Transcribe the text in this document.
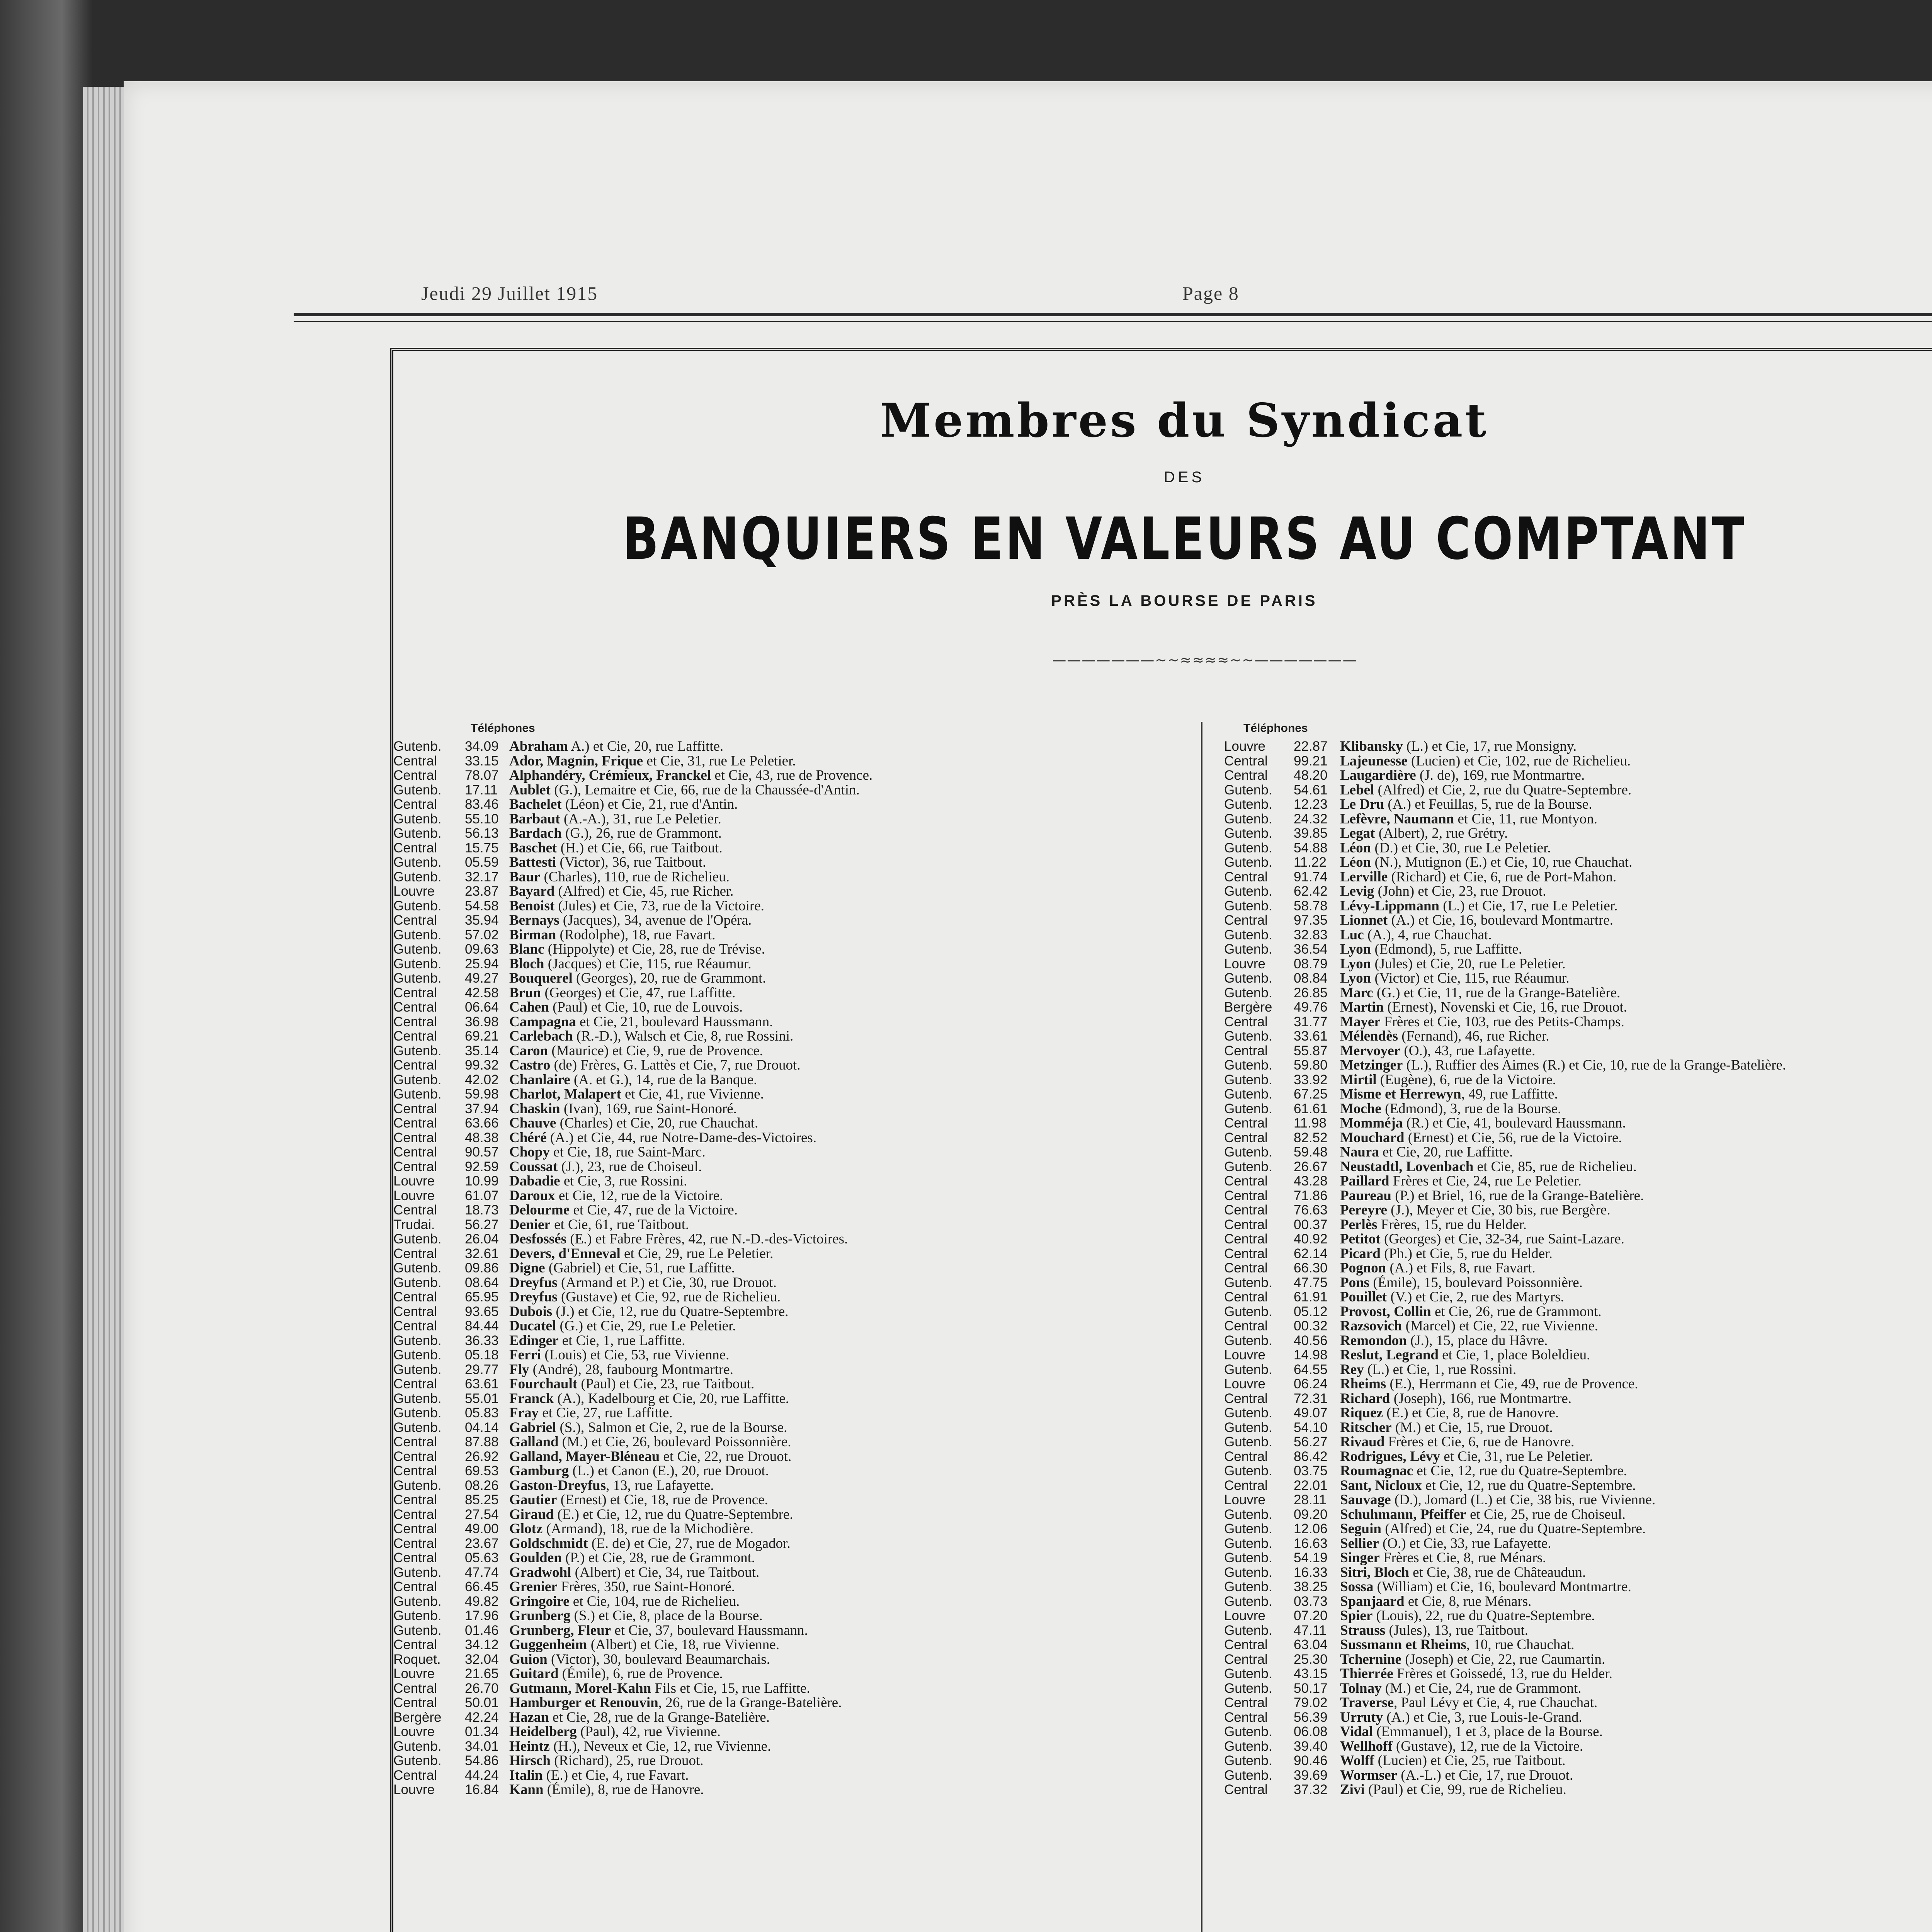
Jeudi 29 Juillet 1915	Page 8
Membres du Syndicat
DES
BANQUIERS EN VALEURS AU COMPTANT
PRÈS LA BOURSE DE PARIS
———————~~≈≈≈≈~~———————
Téléphones
Gutenb.	34.09 Abraham A.) et Cie, 20, rue Laffitte.
Central	33.15 Ador, Magnin, Frique et Cie, 31, rue Le Peletier.
Central	78.07 Alphandéry, Crémieux, Franckel et Cie, 43, rue de Provence.
Gutenb.	17.11 Aublet (G.), Lemaitre et Cie, 66, rue de la Chaussée-d'Antin.
Central	83.46 Bachelet (Léon) et Cie, 21, rue d'Antin.
Gutenb.	55.10 Barbaut (A.-A.), 31, rue Le Peletier.
Gutenb.	56.13 Bardach (G.), 26, rue de Grammont.
Central	15.75 Baschet (H.) et Cie, 66, rue Taitbout.
Gutenb.	05.59 Battesti (Victor), 36, rue Taitbout.
Gutenb.	32.17 Baur (Charles), 110, rue de Richelieu.
Louvre	23.87 Bayard (Alfred) et Cie, 45, rue Richer.
Gutenb.	54.58 Benoist (Jules) et Cie, 73, rue de la Victoire.
Central	35.94 Bernays (Jacques), 34, avenue de l'Opéra.
Gutenb.	57.02 Birman (Rodolphe), 18, rue Favart.
Gutenb.	09.63 Blanc (Hippolyte) et Cie, 28, rue de Trévise.
Gutenb.	25.94 Bloch (Jacques) et Cie, 115, rue Réaumur.
Gutenb.	49.27 Bouquerel (Georges), 20, rue de Grammont.
Central	42.58 Brun (Georges) et Cie, 47, rue Laffitte.
Central	06.64 Cahen (Paul) et Cie, 10, rue de Louvois.
Central	36.98 Campagna et Cie, 21, boulevard Haussmann.
Central	69.21 Carlebach (R.-D.), Walsch et Cie, 8, rue Rossini.
Gutenb.	35.14 Caron (Maurice) et Cie, 9, rue de Provence.
Central	99.32 Castro (de) Frères, G. Lattès et Cie, 7, rue Drouot.
Gutenb.	42.02 Chanlaire (A. et G.), 14, rue de la Banque.
Gutenb.	59.98 Charlot, Malapert et Cie, 41, rue Vivienne.
Central	37.94 Chaskin (Ivan), 169, rue Saint-Honoré.
Central	63.66 Chauve (Charles) et Cie, 20, rue Chauchat.
Central	48.38 Chéré (A.) et Cie, 44, rue Notre-Dame-des-Victoires.
Central	90.57 Chopy et Cie, 18, rue Saint-Marc.
Central	92.59 Coussat (J.), 23, rue de Choiseul.
Louvre	10.99 Dabadie et Cie, 3, rue Rossini.
Louvre	61.07 Daroux et Cie, 12, rue de la Victoire.
Central	18.73 Delourme et Cie, 47, rue de la Victoire.
Trudai.	56.27 Denier et Cie, 61, rue Taitbout.
Gutenb.	26.04 Desfossés (E.) et Fabre Frères, 42, rue N.-D.-des-Victoires.
Central	32.61 Devers, d'Enneval et Cie, 29, rue Le Peletier.
Gutenb.	09.86 Digne (Gabriel) et Cie, 51, rue Laffitte.
Gutenb.	08.64 Dreyfus (Armand et P.) et Cie, 30, rue Drouot.
Central	65.95 Dreyfus (Gustave) et Cie, 92, rue de Richelieu.
Central	93.65 Dubois (J.) et Cie, 12, rue du Quatre-Septembre.
Central	84.44 Ducatel (G.) et Cie, 29, rue Le Peletier.
Gutenb.	36.33 Edinger et Cie, 1, rue Laffitte.
Gutenb.	05.18 Ferri (Louis) et Cie, 53, rue Vivienne.
Gutenb.	29.77 Fly (André), 28, faubourg Montmartre.
Central	63.61 Fourchault (Paul) et Cie, 23, rue Taitbout.
Gutenb.	55.01 Franck (A.), Kadelbourg et Cie, 20, rue Laffitte.
Gutenb.	05.83 Fray et Cie, 27, rue Laffitte.
Gutenb.	04.14 Gabriel (S.), Salmon et Cie, 2, rue de la Bourse.
Central	87.88 Galland (M.) et Cie, 26, boulevard Poissonnière.
Central	26.92 Galland, Mayer-Bléneau et Cie, 22, rue Drouot.
Central	69.53 Gamburg (L.) et Canon (E.), 20, rue Drouot.
Gutenb.	08.26 Gaston-Dreyfus, 13, rue Lafayette.
Central	85.25 Gautier (Ernest) et Cie, 18, rue de Provence.
Central	27.54 Giraud (E.) et Cie, 12, rue du Quatre-Septembre.
Central	49.00 Glotz (Armand), 18, rue de la Michodière.
Central	23.67 Goldschmidt (E. de) et Cie, 27, rue de Mogador.
Central	05.63 Goulden (P.) et Cie, 28, rue de Grammont.
Gutenb.	47.74 Gradwohl (Albert) et Cie, 34, rue Taitbout.
Central	66.45 Grenier Frères, 350, rue Saint-Honoré.
Gutenb.	49.82 Gringoire et Cie, 104, rue de Richelieu.
Gutenb.	17.96 Grunberg (S.) et Cie, 8, place de la Bourse.
Gutenb.	01.46 Grunberg, Fleur et Cie, 37, boulevard Haussmann.
Central	34.12 Guggenheim (Albert) et Cie, 18, rue Vivienne.
Roquet.	32.04 Guion (Victor), 30, boulevard Beaumarchais.
Louvre	21.65 Guitard (Émile), 6, rue de Provence.
Central	26.70 Gutmann, Morel-Kahn Fils et Cie, 15, rue Laffitte.
Central	50.01 Hamburger et Renouvin, 26, rue de la Grange-Batelière.
Bergère	42.24 Hazan et Cie, 28, rue de la Grange-Batelière.
Louvre	01.34 Heidelberg (Paul), 42, rue Vivienne.
Gutenb.	34.01 Heintz (H.), Neveux et Cie, 12, rue Vivienne.
Gutenb.	54.86 Hirsch (Richard), 25, rue Drouot.
Central	44.24 Italin (E.) et Cie, 4, rue Favart.
Louvre	16.84 Kann (Émile), 8, rue de Hanovre.
Téléphones
Louvre	22.87 Klibansky (L.) et Cie, 17, rue Monsigny.
Central	99.21 Lajeunesse (Lucien) et Cie, 102, rue de Richelieu.
Central	48.20 Laugardière (J. de), 169, rue Montmartre.
Gutenb.	54.61 Lebel (Alfred) et Cie, 2, rue du Quatre-Septembre.
Gutenb.	12.23 Le Dru (A.) et Feuillas, 5, rue de la Bourse.
Gutenb.	24.32 Lefèvre, Naumann et Cie, 11, rue Montyon.
Gutenb.	39.85 Legat (Albert), 2, rue Grétry.
Gutenb.	54.88 Léon (D.) et Cie, 30, rue Le Peletier.
Gutenb.	11.22 Léon (N.), Mutignon (E.) et Cie, 10, rue Chauchat.
Central	91.74 Lerville (Richard) et Cie, 6, rue de Port-Mahon.
Gutenb.	62.42 Levig (John) et Cie, 23, rue Drouot.
Gutenb.	58.78 Lévy-Lippmann (L.) et Cie, 17, rue Le Peletier.
Central	97.35 Lionnet (A.) et Cie, 16, boulevard Montmartre.
Gutenb.	32.83 Luc (A.), 4, rue Chauchat.
Gutenb.	36.54 Lyon (Edmond), 5, rue Laffitte.
Louvre	08.79 Lyon (Jules) et Cie, 20, rue Le Peletier.
Gutenb.	08.84 Lyon (Victor) et Cie, 115, rue Réaumur.
Gutenb.	26.85 Marc (G.) et Cie, 11, rue de la Grange-Batelière.
Bergère	49.76 Martin (Ernest), Novenski et Cie, 16, rue Drouot.
Central	31.77 Mayer Frères et Cie, 103, rue des Petits-Champs.
Gutenb.	33.61 Mélendès (Fernand), 46, rue Richer.
Central	55.87 Mervoyer (O.), 43, rue Lafayette.
Gutenb.	59.80 Metzinger (L.), Ruffier des Aimes (R.) et Cie, 10, rue de la Grange-Batelière.
Gutenb.	33.92 Mirtil (Eugène), 6, rue de la Victoire.
Gutenb.	67.25 Misme et Herrewyn, 49, rue Laffitte.
Gutenb.	61.61 Moche (Edmond), 3, rue de la Bourse.
Central	11.98 Momméja (R.) et Cie, 41, boulevard Haussmann.
Central	82.52 Mouchard (Ernest) et Cie, 56, rue de la Victoire.
Gutenb.	59.48 Naura et Cie, 20, rue Laffitte.
Gutenb.	26.67 Neustadtl, Lovenbach et Cie, 85, rue de Richelieu.
Central	43.28 Paillard Frères et Cie, 24, rue Le Peletier.
Central	71.86 Paureau (P.) et Briel, 16, rue de la Grange-Batelière.
Central	76.63 Pereyre (J.), Meyer et Cie, 30 bis, rue Bergère.
Central	00.37 Perlès Frères, 15, rue du Helder.
Central	40.92 Petitot (Georges) et Cie, 32-34, rue Saint-Lazare.
Central	62.14 Picard (Ph.) et Cie, 5, rue du Helder.
Central	66.30 Pognon (A.) et Fils, 8, rue Favart.
Gutenb.	47.75 Pons (Émile), 15, boulevard Poissonnière.
Central	61.91 Pouillet (V.) et Cie, 2, rue des Martyrs.
Gutenb.	05.12 Provost, Collin et Cie, 26, rue de Grammont.
Central	00.32 Razsovich (Marcel) et Cie, 22, rue Vivienne.
Gutenb.	40.56 Remondon (J.), 15, place du Hâvre.
Louvre	14.98 Reslut, Legrand et Cie, 1, place Boleldieu.
Gutenb.	64.55 Rey (L.) et Cie, 1, rue Rossini.
Louvre	06.24 Rheims (E.), Herrmann et Cie, 49, rue de Provence.
Central	72.31 Richard (Joseph), 166, rue Montmartre.
Gutenb.	49.07 Riquez (E.) et Cie, 8, rue de Hanovre.
Gutenb.	54.10 Ritscher (M.) et Cie, 15, rue Drouot.
Gutenb.	56.27 Rivaud Frères et Cie, 6, rue de Hanovre.
Central	86.42 Rodrigues, Lévy et Cie, 31, rue Le Peletier.
Gutenb.	03.75 Roumagnac et Cie, 12, rue du Quatre-Septembre.
Central	22.01 Sant, Nicloux et Cie, 12, rue du Quatre-Septembre.
Louvre	28.11 Sauvage (D.), Jomard (L.) et Cie, 38 bis, rue Vivienne.
Gutenb.	09.20 Schuhmann, Pfeiffer et Cie, 25, rue de Choiseul.
Gutenb.	12.06 Seguin (Alfred) et Cie, 24, rue du Quatre-Septembre.
Gutenb.	16.63 Sellier (O.) et Cie, 33, rue Lafayette.
Gutenb.	54.19 Singer Frères et Cie, 8, rue Ménars.
Gutenb.	16.33 Sitri, Bloch et Cie, 38, rue de Châteaudun.
Gutenb.	38.25 Sossa (William) et Cie, 16, boulevard Montmartre.
Gutenb.	03.73 Spanjaard et Cie, 8, rue Ménars.
Louvre	07.20 Spier (Louis), 22, rue du Quatre-Septembre.
Gutenb.	47.11 Strauss (Jules), 13, rue Taitbout.
Central	63.04 Sussmann et Rheims, 10, rue Chauchat.
Central	25.30 Tchernine (Joseph) et Cie, 22, rue Caumartin.
Gutenb.	43.15 Thierrée Frères et Goissedé, 13, rue du Helder.
Gutenb.	50.17 Tolnay (M.) et Cie, 24, rue de Grammont.
Central	79.02 Traverse, Paul Lévy et Cie, 4, rue Chauchat.
Central	56.39 Urruty (A.) et Cie, 3, rue Louis-le-Grand.
Gutenb.	06.08 Vidal (Emmanuel), 1 et 3, place de la Bourse.
Gutenb.	39.40 Wellhoff (Gustave), 12, rue de la Victoire.
Gutenb.	90.46 Wolff (Lucien) et Cie, 25, rue Taitbout.
Gutenb.	39.69 Wormser (A.-L.) et Cie, 17, rue Drouot.
Central	37.32 Zivi (Paul) et Cie, 99, rue de Richelieu.
